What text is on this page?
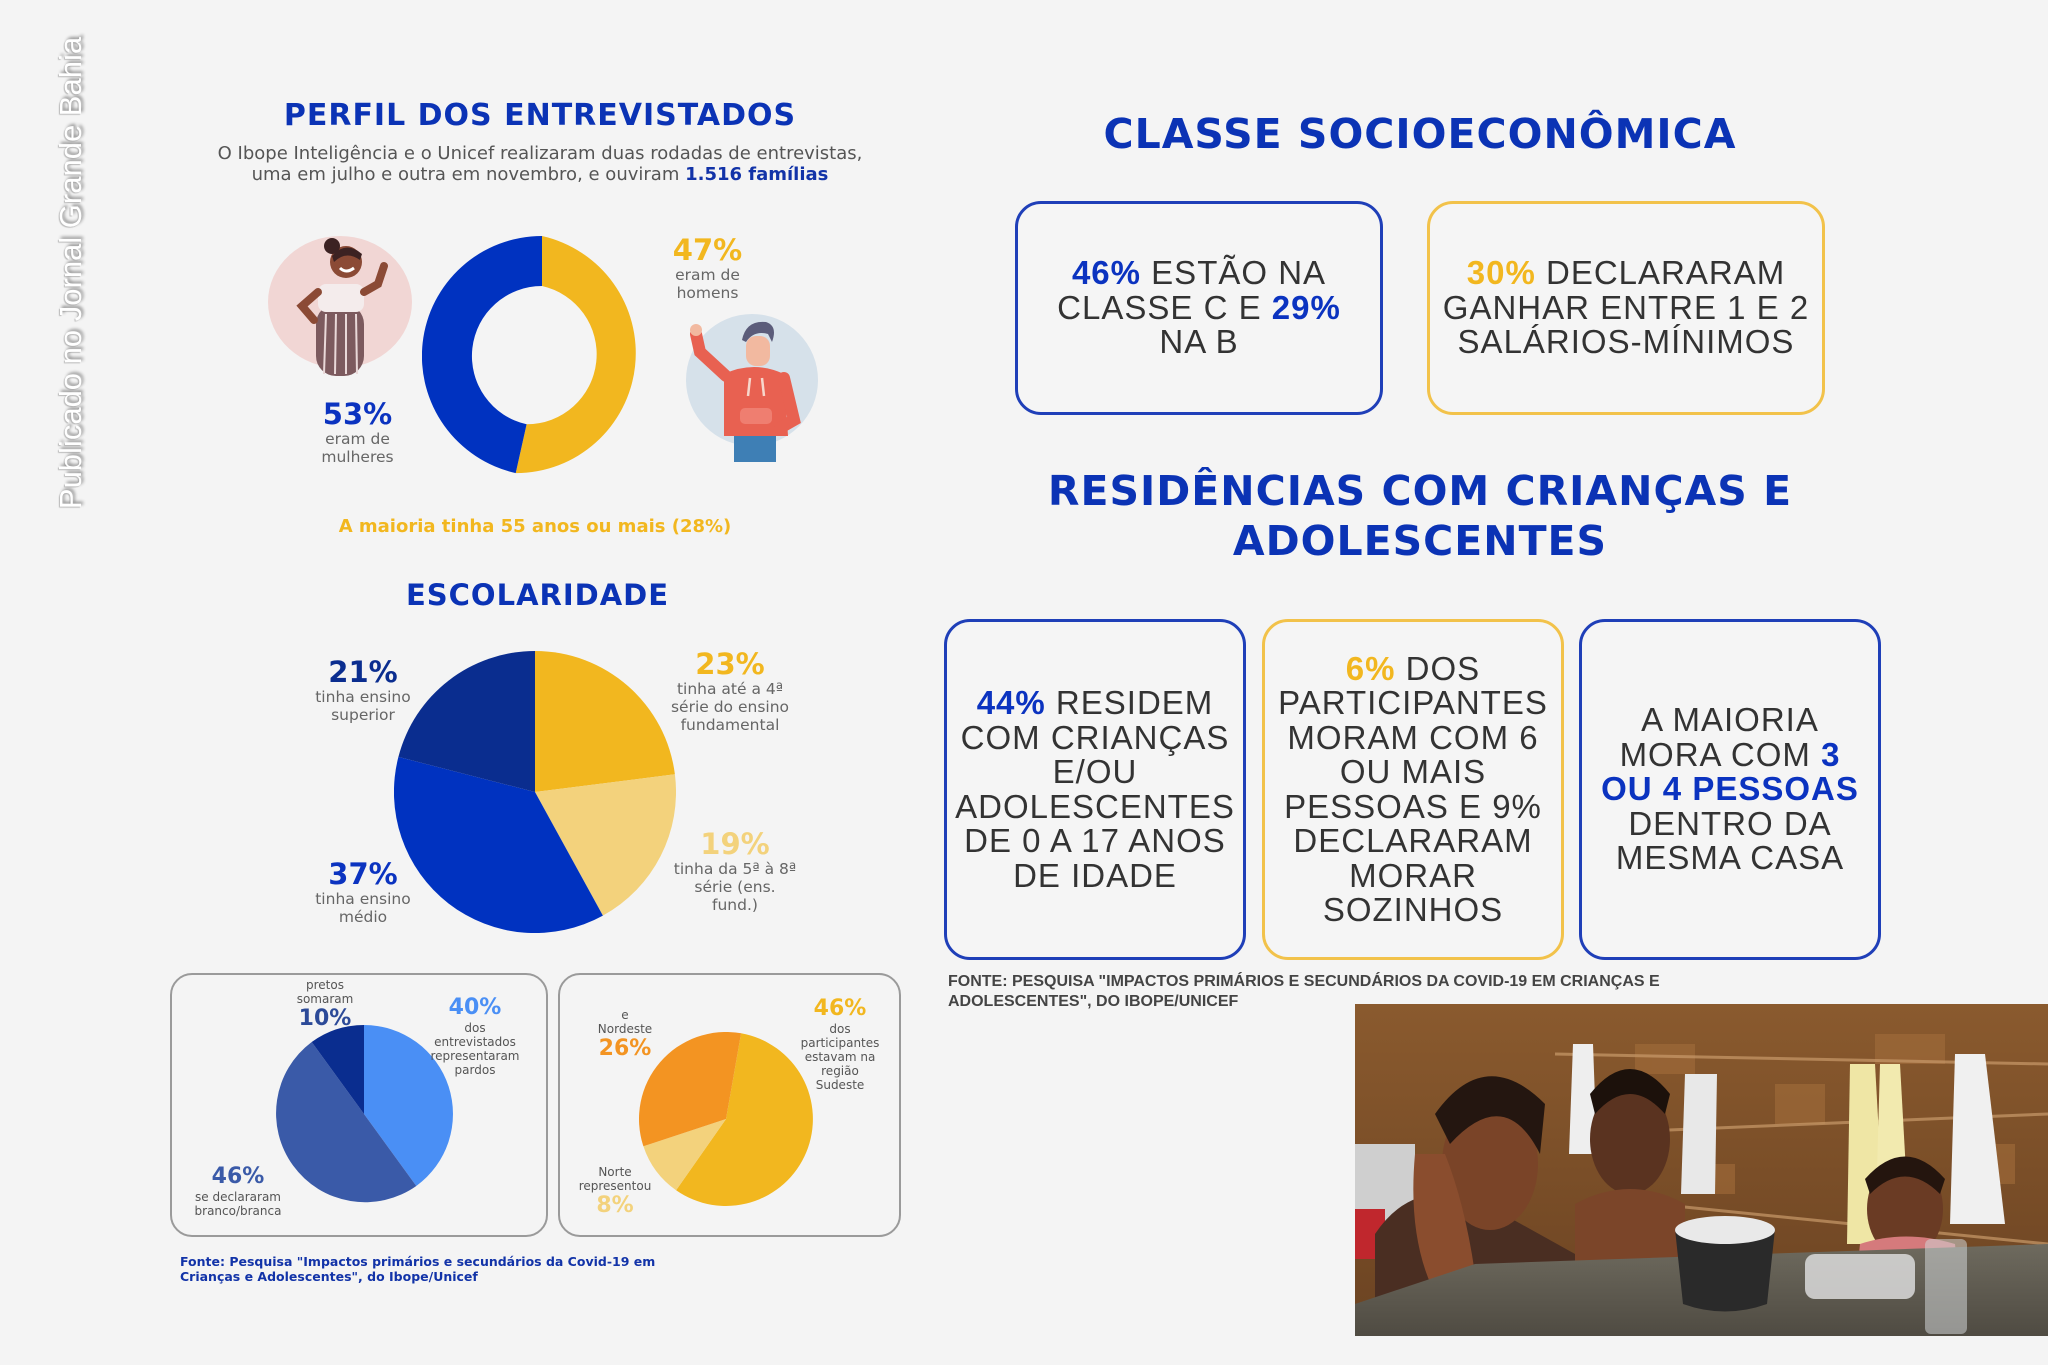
Publicado no Jornal Grande Bahia	PERFIL DOS ENTREVISTADOS
O Ibope Inteligência e o Unicef realizaram duas rodadas de entrevistas,
uma em julho e outra em novembro, e ouviram 1.516 famílias
53%
eram de
mulheres
47%
eram de
homens
A maioria tinha 55 anos ou mais (28%)
ESCOLARIDADE
21%
tinha ensino
superior
23%
tinha até a 4ª
série do ensino
fundamental
19%
tinha da 5ª à 8ª
série (ens.
fund.)
37%
tinha ensino
médio
pretos
somaram
10%	40%
dos
entrevistados
representaram
pardos
46%
se declararam
branco/branca
e
Nordeste
26%
46%
dos
participantes
estavam na
região
Sudeste
Norte
representou
8%
Fonte: Pesquisa "Impactos primários e secundários da Covid-19 em
Crianças e Adolescentes", do Ibope/Unicef
CLASSE SOCIOECONÔMICA
46% ESTÃO NA
CLASSE C E 29%
NA B
30% DECLARARAM
GANHAR ENTRE 1 E 2
SALÁRIOS-MÍNIMOS
RESIDÊNCIAS COM CRIANÇAS E
ADOLESCENTES
44% RESIDEM
COM CRIANÇAS
E/OU
ADOLESCENTES
DE 0 A 17 ANOS
DE IDADE
6% DOS
PARTICIPANTES
MORAM COM 6
OU MAIS
PESSOAS E 9%
DECLARARAM
MORAR
SOZINHOS
A MAIORIA
MORA COM 3
OU 4 PESSOAS
DENTRO DA
MESMA CASA
FONTE: PESQUISA "IMPACTOS PRIMÁRIOS E SECUNDÁRIOS DA COVID-19 EM CRIANÇAS E
ADOLESCENTES", DO IBOPE/UNICEF
